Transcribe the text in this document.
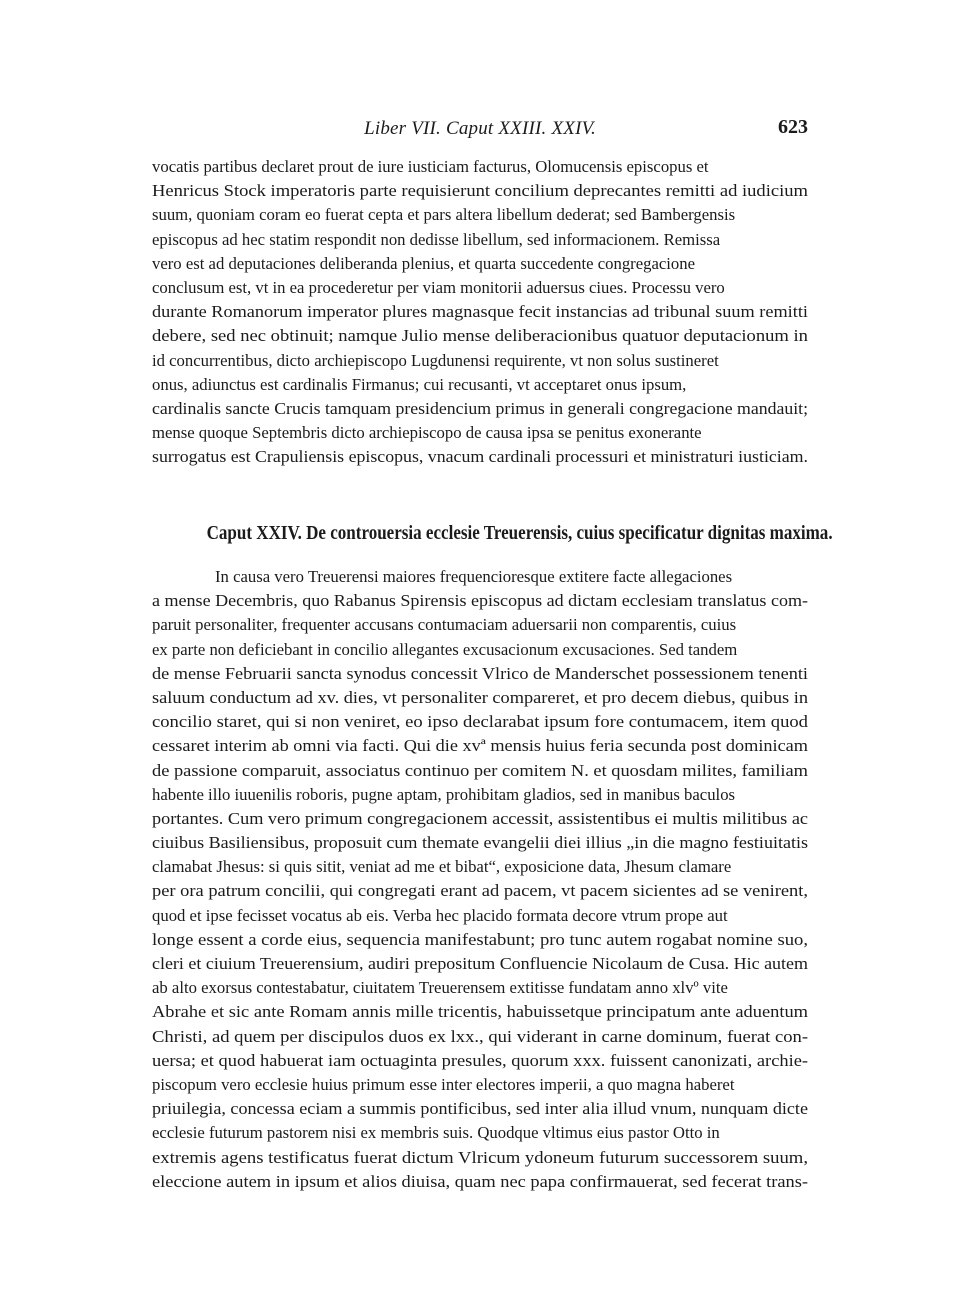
Liber VII. Caput XXIII. XXIV.	623
vocatis partibus declaret prout de iure iusticiam facturus, Olomucensis episcopus et
Henricus Stock imperatoris parte requisierunt concilium deprecantes remitti ad iudicium
suum, quoniam coram eo fuerat cepta et pars altera libellum dederat; sed Bambergensis
episcopus ad hec statim respondit non dedisse libellum, sed informacionem. Remissa
vero est ad deputaciones deliberanda plenius, et quarta succedente congregacione
conclusum est, vt in ea procederetur per viam monitorii aduersus ciues. Processu vero
durante Romanorum imperator plures magnasque fecit instancias ad tribunal suum remitti
debere, sed nec obtinuit; namque Julio mense deliberacionibus quatuor deputacionum in
id concurrentibus, dicto archiepiscopo Lugdunensi requirente, vt non solus sustineret
onus, adiunctus est cardinalis Firmanus; cui recusanti, vt acceptaret onus ipsum,
cardinalis sancte Crucis tamquam presidencium primus in generali congregacione mandauit;
mense quoque Septembris dicto archiepiscopo de causa ipsa se penitus exonerante
surrogatus est Crapuliensis episcopus, vnacum cardinali processuri et ministraturi iusticiam.
Caput XXIV. De controuersia ecclesie Treuerensis, cuius specificatur dignitas maxima.
In causa vero Treuerensi maiores frequencioresque extitere facte allegaciones
a mense Decembris, quo Rabanus Spirensis episcopus ad dictam ecclesiam translatus com-
paruit personaliter, frequenter accusans contumaciam aduersarii non comparentis, cuius
ex parte non deficiebant in concilio allegantes excusacionum excusaciones. Sed tandem
de mense Februarii sancta synodus concessit Vlrico de Manderschet possessionem tenenti
saluum conductum ad xv. dies, vt personaliter compareret, et pro decem diebus, quibus in
concilio staret, qui si non veniret, eo ipso declarabat ipsum fore contumacem, item quod
cessaret interim ab omni via facti. Qui die xvª mensis huius feria secunda post dominicam
de passione comparuit, associatus continuo per comitem N. et quosdam milites, familiam
habente illo iuuenilis roboris, pugne aptam, prohibitam gladios, sed in manibus baculos
portantes. Cum vero primum congregacionem accessit, assistentibus ei multis militibus ac
ciuibus Basiliensibus, proposuit cum themate evangelii diei illius „in die magno festiuitatis
clamabat Jhesus: si quis sitit, veniat ad me et bibat“, exposicione data, Jhesum clamare
per ora patrum concilii, qui congregati erant ad pacem, vt pacem sicientes ad se venirent,
quod et ipse fecisset vocatus ab eis. Verba hec placido formata decore vtrum prope aut
longe essent a corde eius, sequencia manifestabunt; pro tunc autem rogabat nomine suo,
cleri et ciuium Treuerensium, audiri prepositum Confluencie Nicolaum de Cusa. Hic autem
ab alto exorsus contestabatur, ciuitatem Treuerensem extitisse fundatam anno xlvº vite
Abrahe et sic ante Romam annis mille tricentis, habuissetque principatum ante aduentum
Christi, ad quem per discipulos duos ex lxx., qui viderant in carne dominum, fuerat con-
uersa; et quod habuerat iam octuaginta presules, quorum xxx. fuissent canonizati, archie-
piscopum vero ecclesie huius primum esse inter electores imperii, a quo magna haberet
priuilegia, concessa eciam a summis pontificibus, sed inter alia illud vnum, nunquam dicte
ecclesie futurum pastorem nisi ex membris suis. Quodque vltimus eius pastor Otto in
extremis agens testificatus fuerat dictum Vlricum ydoneum futurum successorem suum,
eleccione autem in ipsum et alios diuisa, quam nec papa confirmauerat, sed fecerat trans-
